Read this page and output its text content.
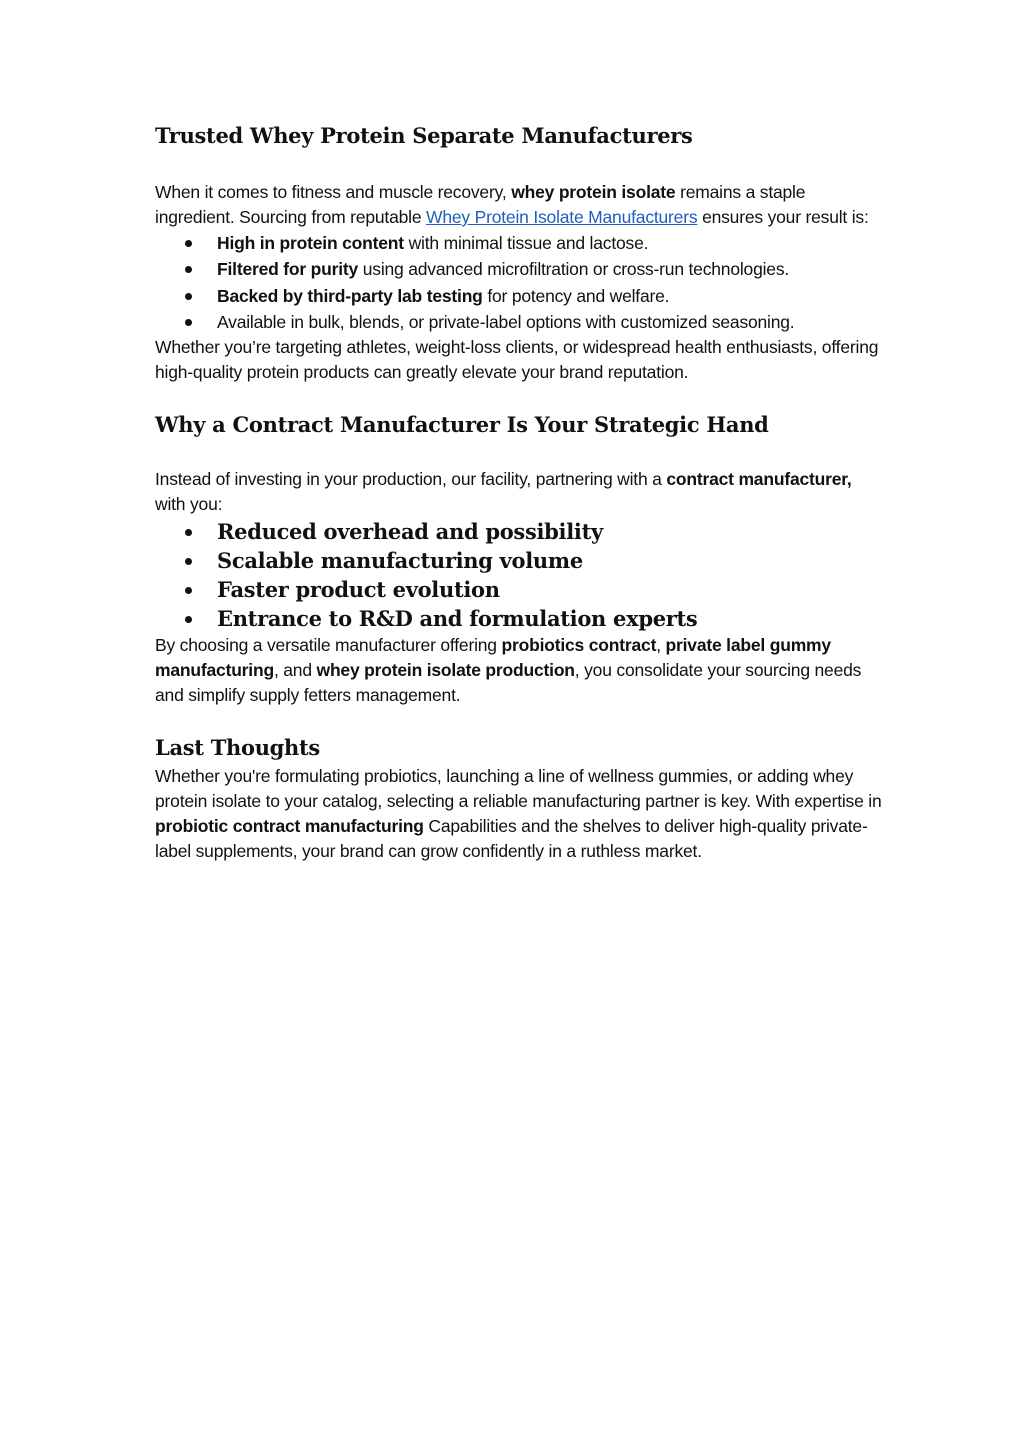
Trusted Whey Protein Separate Manufacturers

When it comes to fitness and muscle recovery, whey protein isolate remains a staple ingredient. Sourcing from reputable Whey Protein Isolate Manufacturers ensures your result is:

High in protein content with minimal tissue and lactose.
Filtered for purity using advanced microfiltration or cross-run technologies.
Backed by third-party lab testing for potency and welfare.
Available in bulk, blends, or private-label options with customized seasoning.

Whether you’re targeting athletes, weight-loss clients, or widespread health enthusiasts, offering high-quality protein products can greatly elevate your brand reputation.

Why a Contract Manufacturer Is Your Strategic Hand

Instead of investing in your production, our facility, partnering with a contract manufacturer, with you:

Reduced overhead and possibility
Scalable manufacturing volume
Faster product evolution
Entrance to R&D and formulation experts

By choosing a versatile manufacturer offering probiotics contract, private label gummy manufacturing, and whey protein isolate production, you consolidate your sourcing needs and simplify supply fetters management.

Last Thoughts

Whether you're formulating probiotics, launching a line of wellness gummies, or adding whey protein isolate to your catalog, selecting a reliable manufacturing partner is key. With expertise in probiotic contract manufacturing Capabilities and the shelves to deliver high-quality private-label supplements, your brand can grow confidently in a ruthless market.
